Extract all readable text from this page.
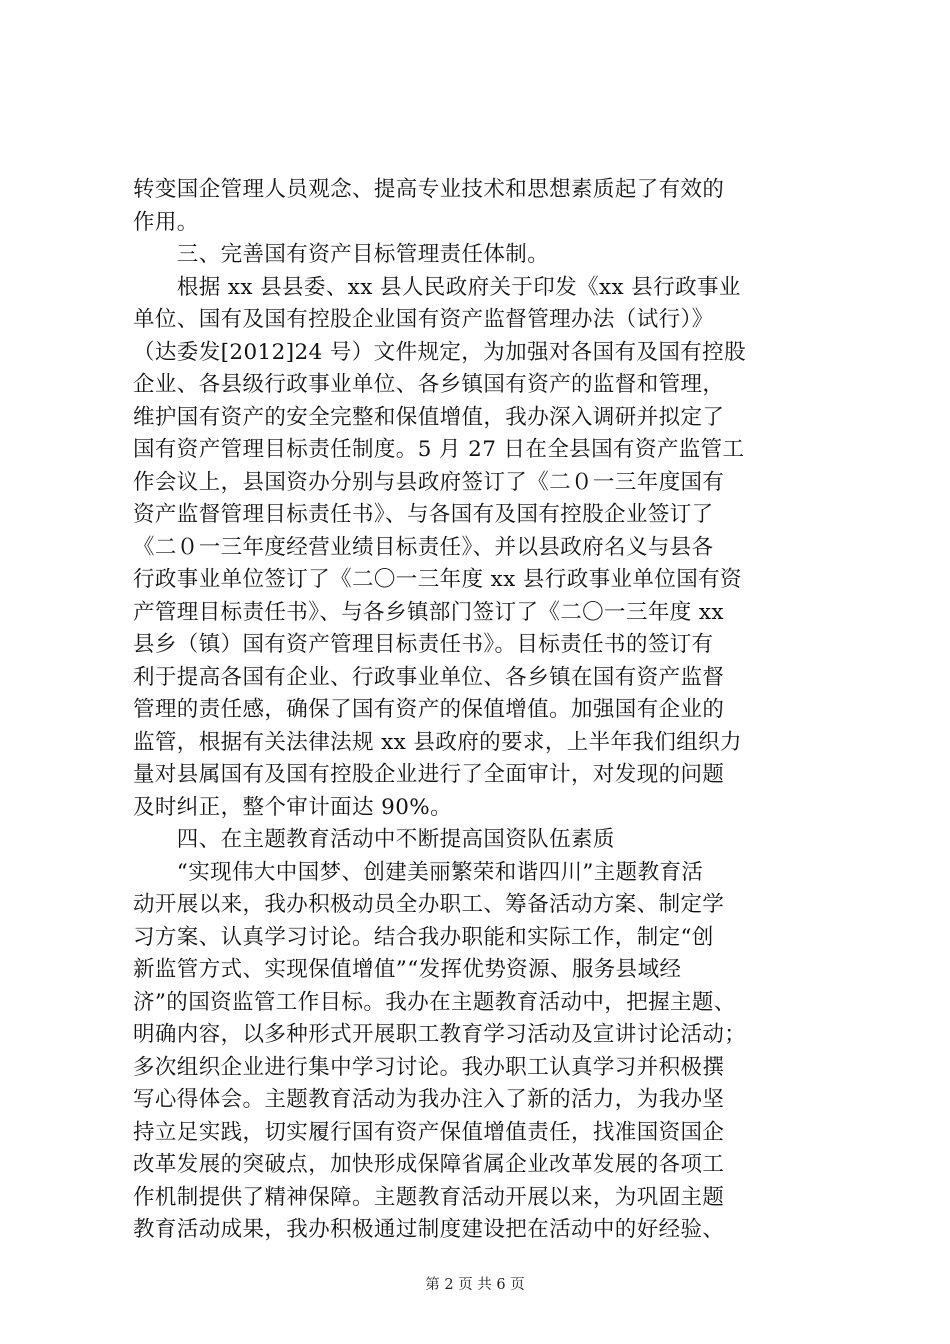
转变国企管理人员观念、提高专业技术和思想素质起了有效的
作用。
　　三、完善国有资产目标管理责任体制。
　　根据 xx 县县委、xx 县人民政府关于印发《xx 县行政事业
单位、国有及国有控股企业国有资产监督管理办法（试行）》
（达委发[2012]24 号）文件规定，为加强对各国有及国有控股
企业、各县级行政事业单位、各乡镇国有资产的监督和管理，
维护国有资产的安全完整和保值增值，我办深入调研并拟定了
国有资产管理目标责任制度。5 月 27 日在全县国有资产监管工
作会议上，县国资办分别与县政府签订了《二０一三年度国有
资产监督管理目标责任书》、与各国有及国有控股企业签订了
《二０一三年度经营业绩目标责任》、并以县政府名义与县各
行政事业单位签订了《二〇一三年度 xx 县行政事业单位国有资
产管理目标责任书》、与各乡镇部门签订了《二〇一三年度 xx
县乡（镇）国有资产管理目标责任书》。目标责任书的签订有
利于提高各国有企业、行政事业单位、各乡镇在国有资产监督
管理的责任感，确保了国有资产的保值增值。加强国有企业的
监管，根据有关法律法规 xx 县政府的要求，上半年我们组织力
量对县属国有及国有控股企业进行了全面审计，对发现的问题
及时纠正，整个审计面达 90%。
　　四、在主题教育活动中不断提高国资队伍素质
　　“实现伟大中国梦、创建美丽繁荣和谐四川”主题教育活
动开展以来，我办积极动员全办职工、筹备活动方案、制定学
习方案、认真学习讨论。结合我办职能和实际工作，制定“创
新监管方式、实现保值增值”“发挥优势资源、服务县域经
济”的国资监管工作目标。我办在主题教育活动中，把握主题、
明确内容，以多种形式开展职工教育学习活动及宣讲讨论活动；
多次组织企业进行集中学习讨论。我办职工认真学习并积极撰
写心得体会。主题教育活动为我办注入了新的活力，为我办坚
持立足实践，切实履行国有资产保值增值责任，找准国资国企
改革发展的突破点，加快形成保障省属企业改革发展的各项工
作机制提供了精神保障。主题教育活动开展以来，为巩固主题
教育活动成果，我办积极通过制度建设把在活动中的好经验、
第 2 页 共 6 页
